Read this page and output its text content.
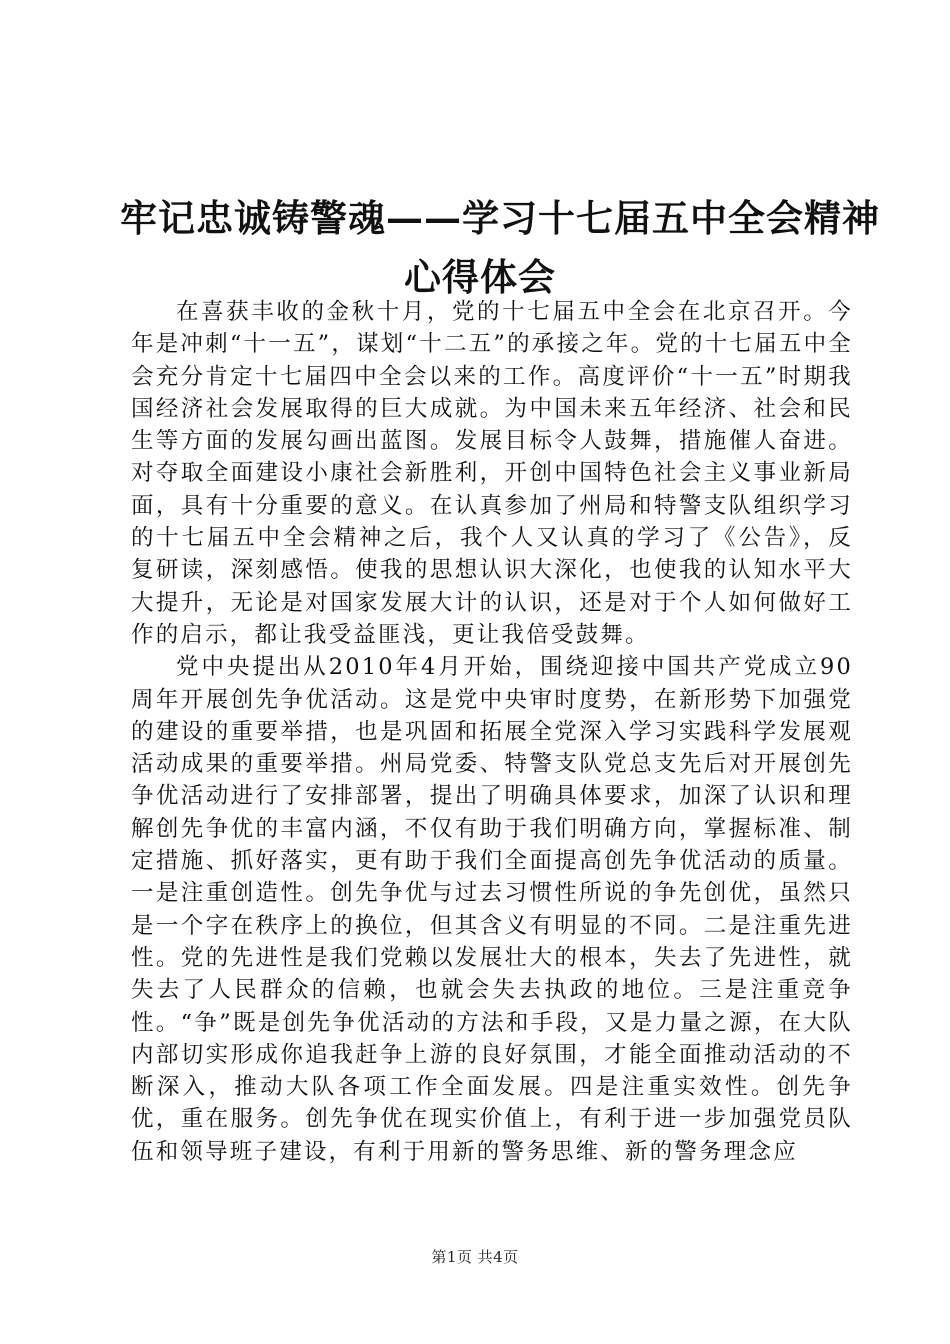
牢记忠诚铸警魂——学习十七届五中全会精神
心得体会

在喜获丰收的金秋十月，党的十七届五中全会在北京召开。今年是冲刺“十一五”，谋划“十二五”的承接之年。党的十七届五中全会充分肯定十七届四中全会以来的工作。高度评价“十一五”时期我国经济社会发展取得的巨大成就。为中国未来五年经济、社会和民生等方面的发展勾画出蓝图。发展目标令人鼓舞，措施催人奋进。对夺取全面建设小康社会新胜利，开创中国特色社会主义事业新局面，具有十分重要的意义。在认真参加了州局和特警支队组织学习的十七届五中全会精神之后，我个人又认真的学习了《公告》，反复研读，深刻感悟。使我的思想认识大深化，也使我的认知水平大大提升，无论是对国家发展大计的认识，还是对于个人如何做好工作的启示，都让我受益匪浅，更让我倍受鼓舞。

党中央提出从2010年4月开始，围绕迎接中国共产党成立90周年开展创先争优活动。这是党中央审时度势，在新形势下加强党的建设的重要举措，也是巩固和拓展全党深入学习实践科学发展观活动成果的重要举措。州局党委、特警支队党总支先后对开展创先争优活动进行了安排部署，提出了明确具体要求，加深了认识和理解创先争优的丰富内涵，不仅有助于我们明确方向，掌握标准、制定措施、抓好落实，更有助于我们全面提高创先争优活动的质量。一是注重创造性。创先争优与过去习惯性所说的争先创优，虽然只是一个字在秩序上的换位，但其含义有明显的不同。二是注重先进性。党的先进性是我们党赖以发展壮大的根本，失去了先进性，就失去了人民群众的信赖，也就会失去执政的地位。三是注重竞争性。“争”既是创先争优活动的方法和手段，又是力量之源，在大队内部切实形成你追我赶争上游的良好氛围，才能全面推动活动的不断深入，推动大队各项工作全面发展。四是注重实效性。创先争优，重在服务。创先争优在现实价值上，有利于进一步加强党员队伍和领导班子建设，有利于用新的警务思维、新的警务理念应

第1页 共4页
